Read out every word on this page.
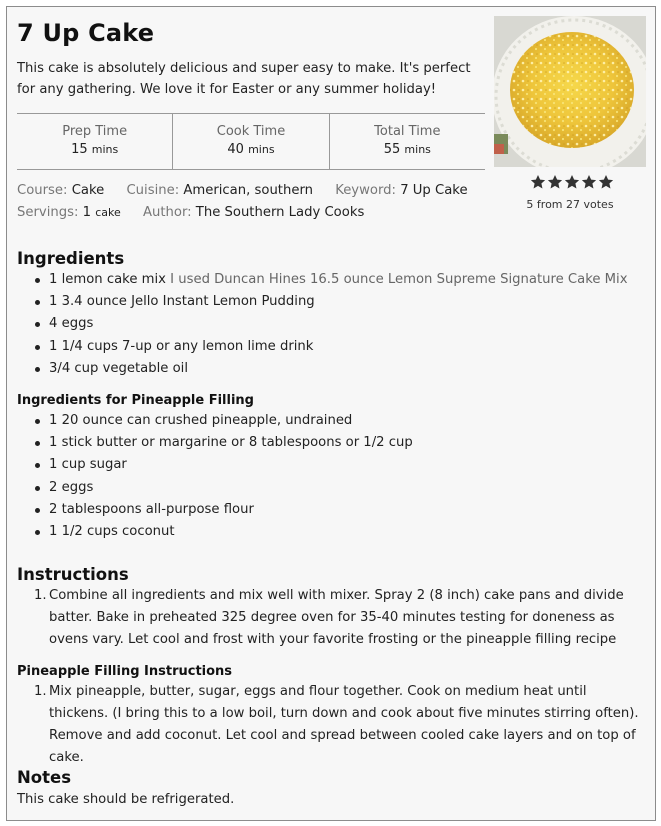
7 Up Cake
This cake is absolutely delicious and super easy to make. It's perfect for any gathering. We love it for Easter or any summer holiday!
5 from 27 votes
Prep Time
15 mins
Cook Time
40 mins
Total Time
55 mins
Course: Cake Cuisine: American, southern Keyword: 7 Up Cake
Servings: 1 cake Author: The Southern Lady Cooks
Ingredients
1 lemon cake mix I used Duncan Hines 16.5 ounce Lemon Supreme Signature Cake Mix
1 3.4 ounce Jello Instant Lemon Pudding
4 eggs
1 1/4 cups 7-up or any lemon lime drink
3/4 cup vegetable oil
Ingredients for Pineapple Filling
1 20 ounce can crushed pineapple, undrained
1 stick butter or margarine or 8 tablespoons or 1/2 cup
1 cup sugar
2 eggs
2 tablespoons all-purpose flour
1 1/2 cups coconut
Instructions
1. Combine all ingredients and mix well with mixer. Spray 2 (8 inch) cake pans and divide batter. Bake in preheated 325 degree oven for 35-40 minutes testing for doneness as ovens vary. Let cool and frost with your favorite frosting or the pineapple filling recipe
Pineapple Filling Instructions
1. Mix pineapple, butter, sugar, eggs and flour together. Cook on medium heat until thickens. (I bring this to a low boil, turn down and cook about five minutes stirring often). Remove and add coconut. Let cool and spread between cooled cake layers and on top of cake.
Notes
This cake should be refrigerated.
